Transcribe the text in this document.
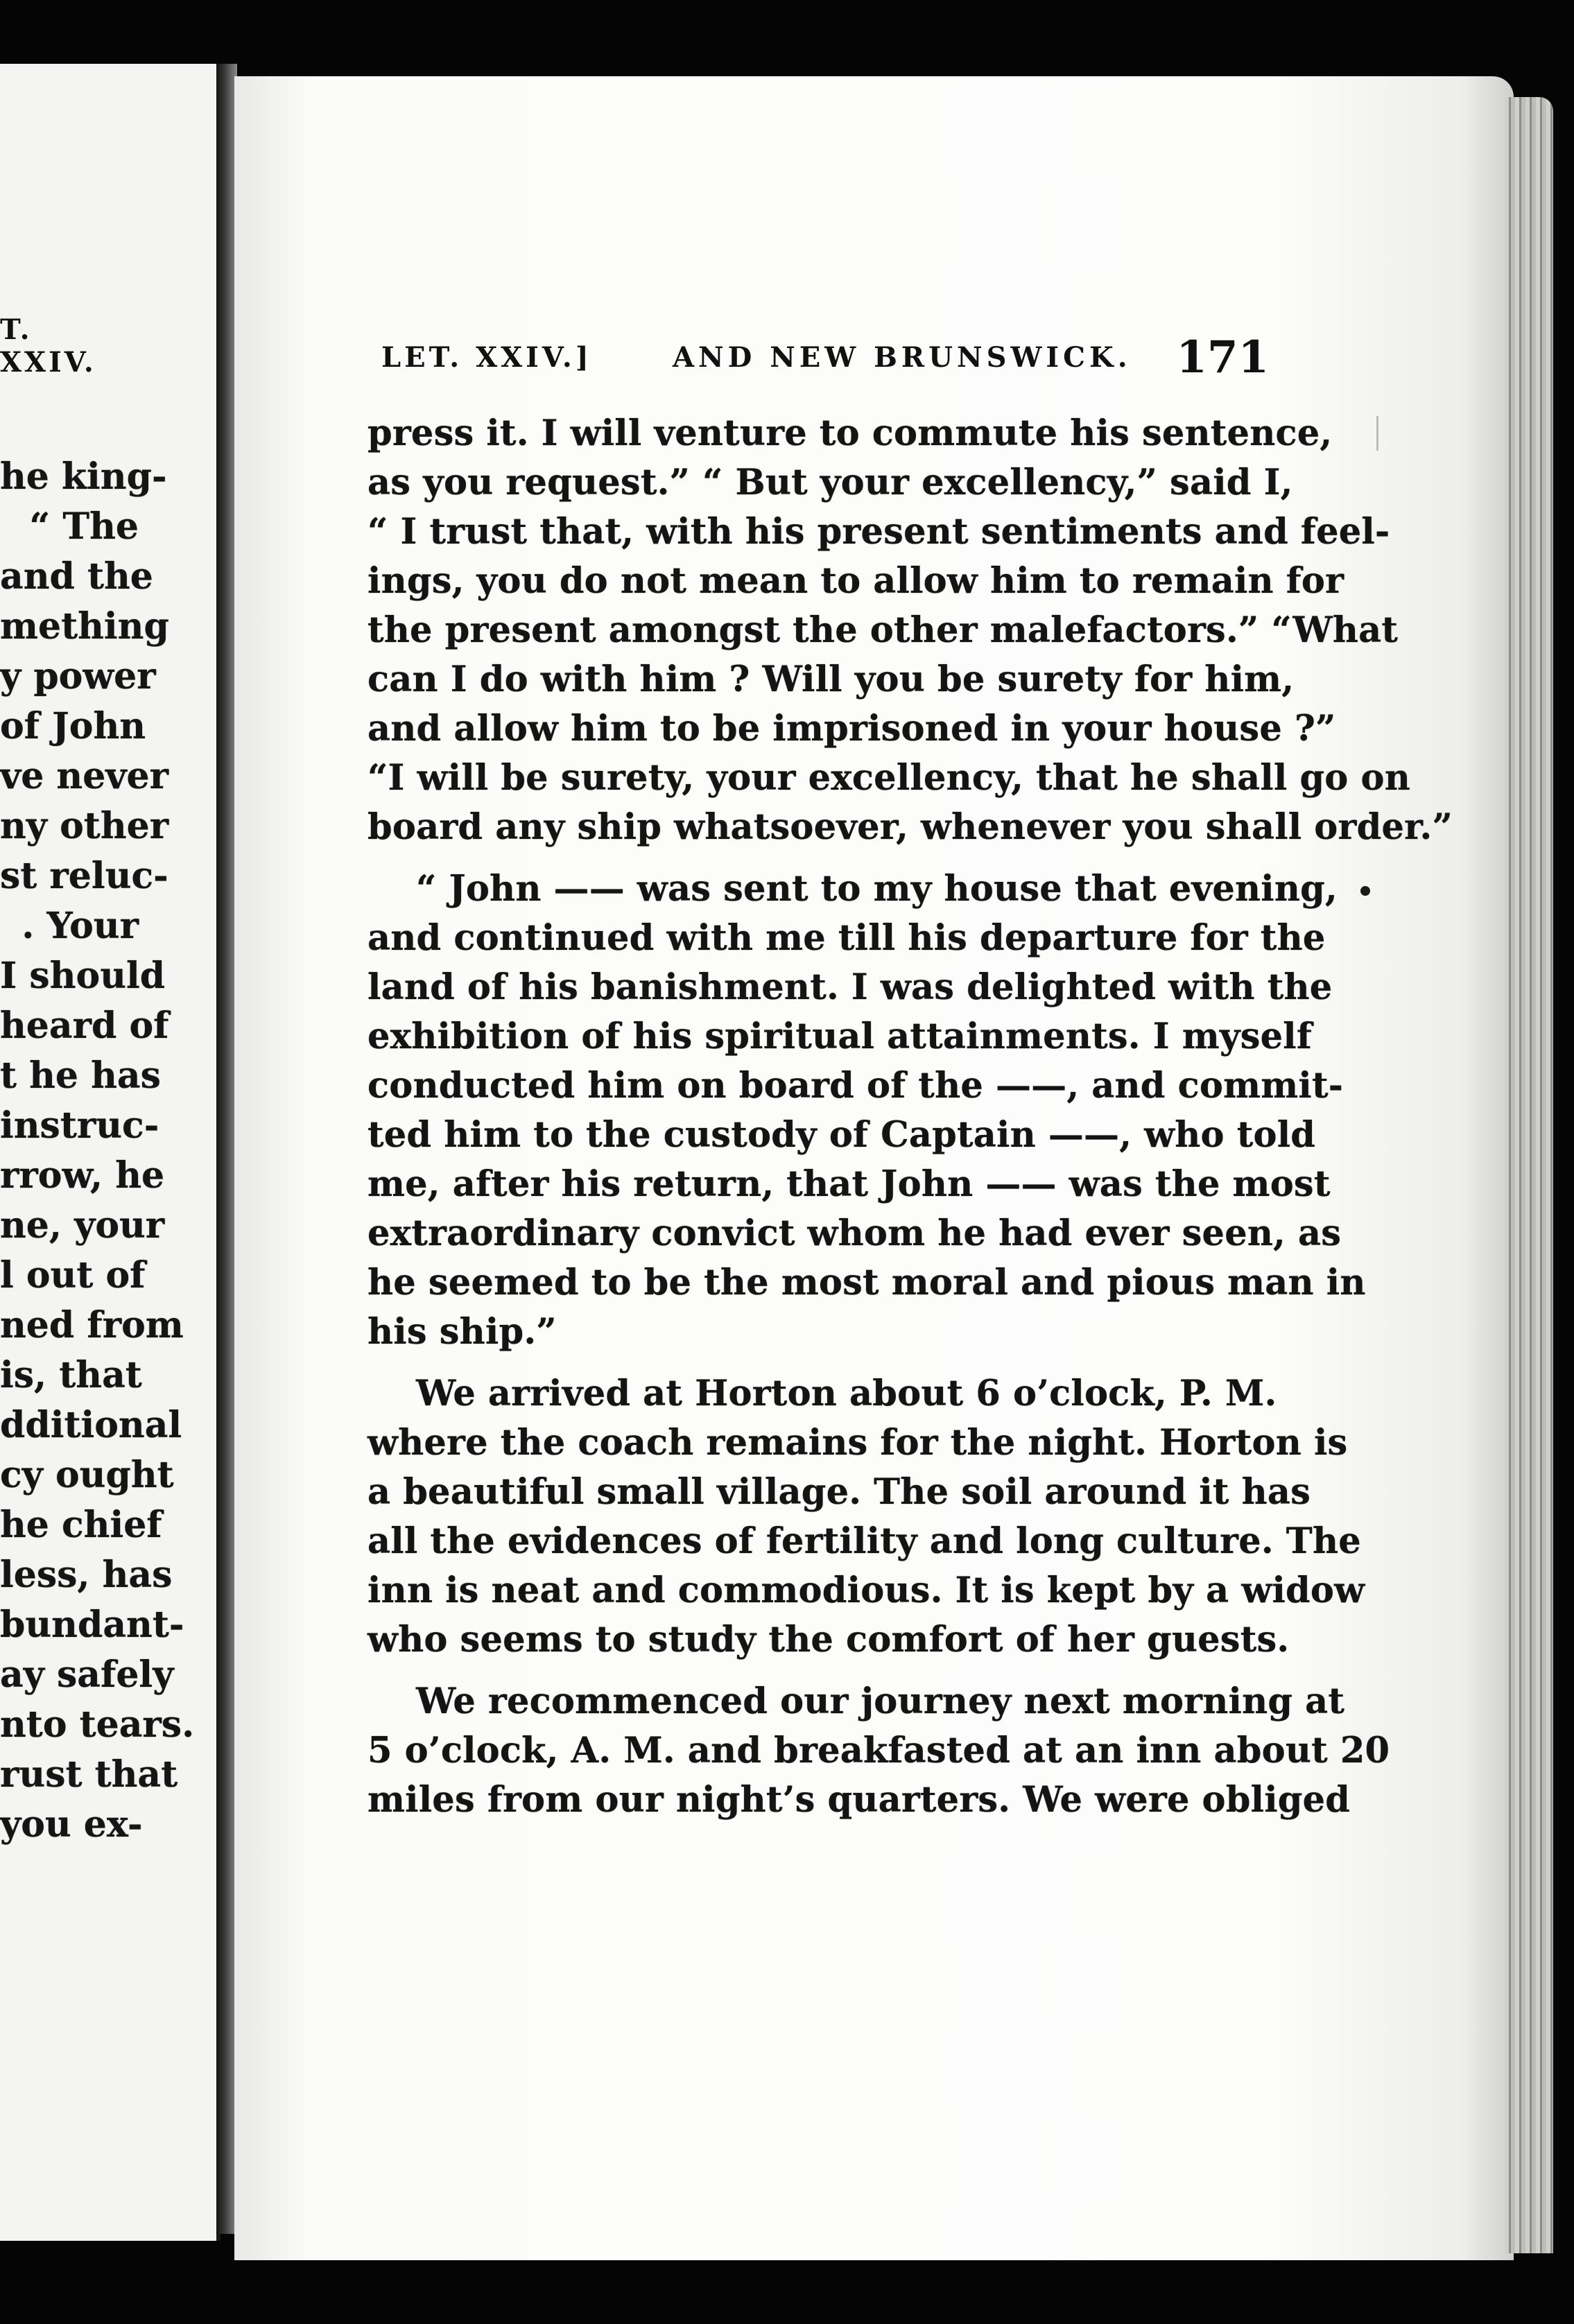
T. XXIV.
he king-
“ The
and the
mething
y power
of John
ve never
ny other
st reluc-
. Your
I should
heard of
t he has
instruc-
rrow, he
ne, your
l out of
ned from
is, that
dditional
cy ought
he chief
less, has
bundant-
ay safely
nto tears.
rust that
you ex-
LET. XXIV.]	AND NEW BRUNSWICK. 171
press it. I will venture to commute his sentence,
as you request.” “ But your excellency,” said I,
“ I trust that, with his present sentiments and feel-
ings, you do not mean to allow him to remain for
the present amongst the other malefactors.” “What
can I do with him ? Will you be surety for him,
and allow him to be imprisoned in your house ?”
“I will be surety, your excellency, that he shall go on
board any ship whatsoever, whenever you shall order.”
“ John —— was sent to my house that evening,
and continued with me till his departure for the
land of his banishment. I was delighted with the
exhibition of his spiritual attainments. I myself
conducted him on board of the ——, and commit-
ted him to the custody of Captain ——, who told
me, after his return, that John —— was the most
extraordinary convict whom he had ever seen, as
he seemed to be the most moral and pious man in
his ship.”
We arrived at Horton about 6 o’clock, P. M.
where the coach remains for the night. Horton is
a beautiful small village. The soil around it has
all the evidences of fertility and long culture. The
inn is neat and commodious. It is kept by a widow
who seems to study the comfort of her guests.
We recommenced our journey next morning at
5 o’clock, A. M. and breakfasted at an inn about 20
miles from our night’s quarters. We were obliged
